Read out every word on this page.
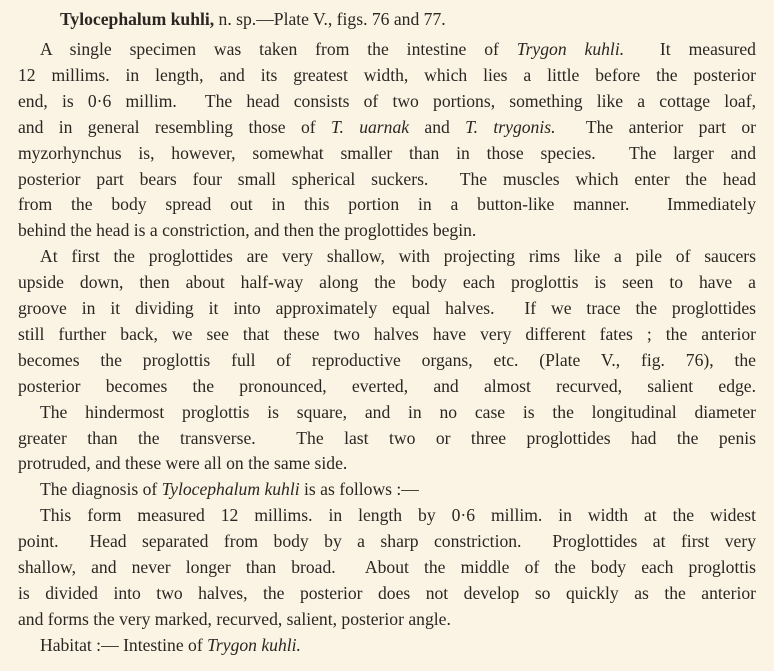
Tylocephalum kuhli, n. sp.—Plate V., figs. 76 and 77.
A single specimen was taken from the intestine of Trygon kuhli.  It measured
12 millims. in length, and its greatest width, which lies a little before the posterior
end, is 0·6 millim.  The head consists of two portions, something like a cottage loaf,
and in general resembling those of T. uarnak and T. trygonis.  The anterior part or
myzorhynchus is, however, somewhat smaller than in those species.  The larger and
posterior part bears four small spherical suckers.  The muscles which enter the head
from the body spread out in this portion in a button-like manner.  Immediately
behind the head is a constriction, and then the proglottides begin.
At first the proglottides are very shallow, with projecting rims like a pile of saucers
upside down, then about half-way along the body each proglottis is seen to have a
groove in it dividing it into approximately equal halves.  If we trace the proglottides
still further back, we see that these two halves have very different fates ; the anterior
becomes the proglottis full of reproductive organs, etc. (Plate V., fig. 76), the
posterior becomes the pronounced, everted, and almost recurved, salient edge.
The hindermost proglottis is square, and in no case is the longitudinal diameter
greater than the transverse.  The last two or three proglottides had the penis
protruded, and these were all on the same side.
The diagnosis of Tylocephalum kuhli is as follows :—
This form measured 12 millims. in length by 0·6 millim. in width at the widest
point.  Head separated from body by a sharp constriction.  Proglottides at first very
shallow, and never longer than broad.  About the middle of the body each proglottis
is divided into two halves, the posterior does not develop so quickly as the anterior
and forms the very marked, recurved, salient, posterior angle.
Habitat :— Intestine of Trygon kuhli.
